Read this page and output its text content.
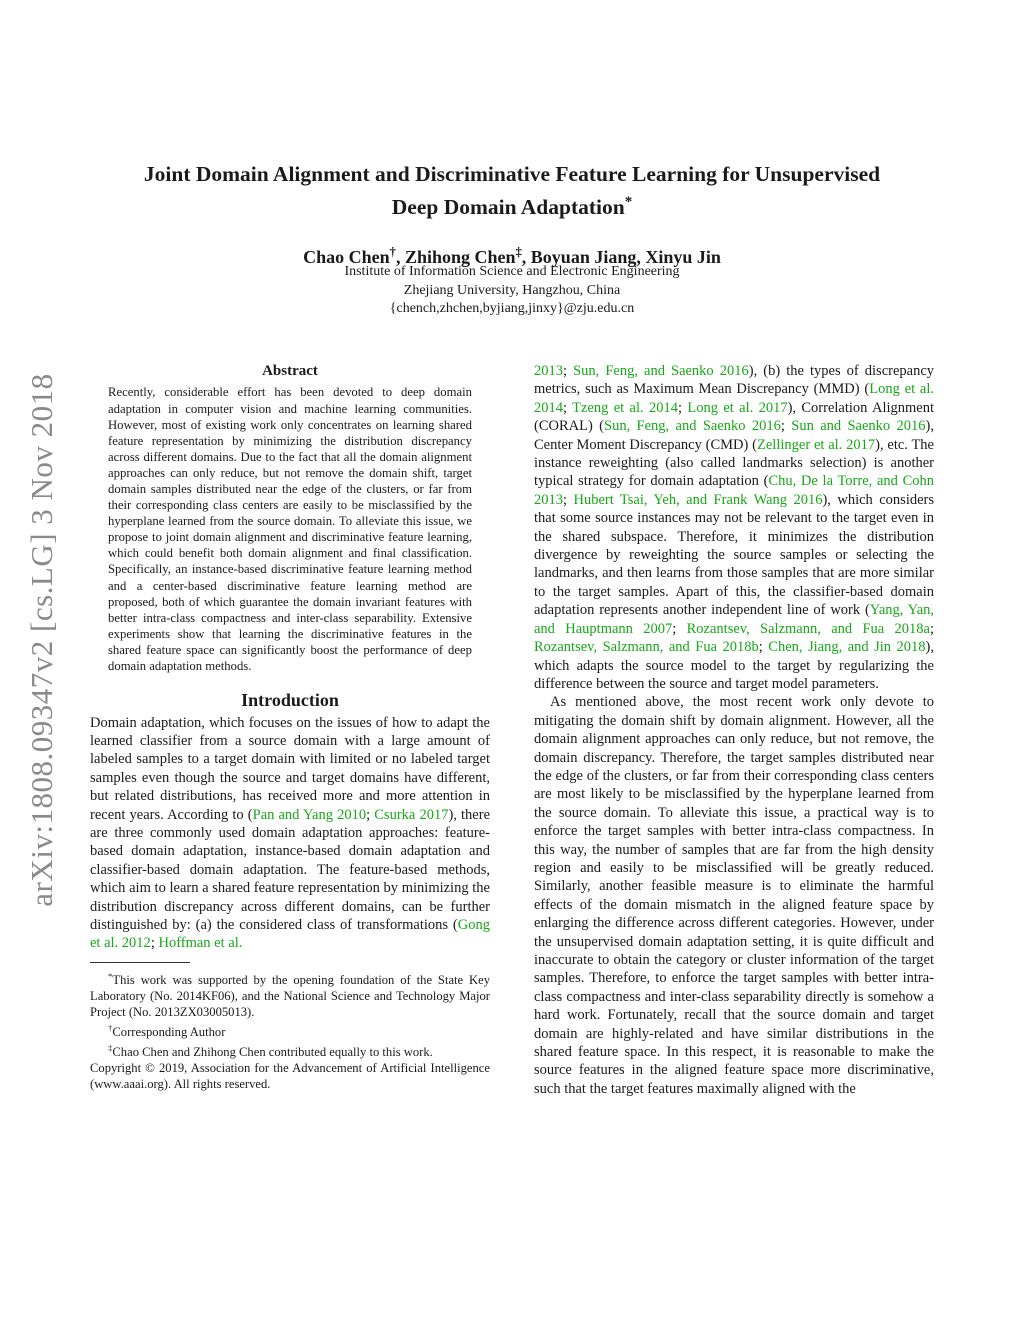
arXiv:1808.09347v2 [cs.LG] 3 Nov 2018
Joint Domain Alignment and Discriminative Feature Learning for Unsupervised
Deep Domain Adaptation*
Chao Chen†, Zhihong Chen‡, Boyuan Jiang, Xinyu Jin
Institute of Information Science and Electronic Engineering
Zhejiang University, Hangzhou, China
{chench,zhchen,byjiang,jinxy}@zju.edu.cn
Abstract

Recently, considerable effort has been devoted to deep domain adaptation in computer vision and machine learning communities. However, most of existing work only concentrates on learning shared feature representation by minimizing the distribution discrepancy across different domains. Due to the fact that all the domain alignment approaches can only reduce, but not remove the domain shift, target domain samples distributed near the edge of the clusters, or far from their corresponding class centers are easily to be misclassified by the hyperplane learned from the source domain. To alleviate this issue, we propose to joint domain alignment and discriminative feature learning, which could benefit both domain alignment and final classification. Specifically, an instance-based discriminative feature learning method and a center-based discriminative feature learning method are proposed, both of which guarantee the domain invariant features with better intra-class compactness and inter-class separability. Extensive experiments show that learning the discriminative features in the shared feature space can significantly boost the performance of deep domain adaptation methods.

Introduction

Domain adaptation, which focuses on the issues of how to adapt the learned classifier from a source domain with a large amount of labeled samples to a target domain with limited or no labeled target samples even though the source and target domains have different, but related distributions, has received more and more attention in recent years. According to (Pan and Yang 2010; Csurka 2017), there are three commonly used domain adaptation approaches: feature-based domain adaptation, instance-based domain adaptation and classifier-based domain adaptation. The feature-based methods, which aim to learn a shared feature representation by minimizing the distribution discrepancy across different domains, can be further distinguished by: (a) the considered class of transformations (Gong et al. 2012; Hoffman et al.

*This work was supported by the opening foundation of the State Key Laboratory (No. 2014KF06), and the National Science and Technology Major Project (No. 2013ZX03005013).

†Corresponding Author

‡Chao Chen and Zhihong Chen contributed equally to this work.

Copyright © 2019, Association for the Advancement of Artificial Intelligence (www.aaai.org). All rights reserved.

2013; Sun, Feng, and Saenko 2016), (b) the types of discrepancy metrics, such as Maximum Mean Discrepancy (MMD) (Long et al. 2014; Tzeng et al. 2014; Long et al. 2017), Correlation Alignment (CORAL) (Sun, Feng, and Saenko 2016; Sun and Saenko 2016), Center Moment Discrepancy (CMD) (Zellinger et al. 2017), etc. The instance reweighting (also called landmarks selection) is another typical strategy for domain adaptation (Chu, De la Torre, and Cohn 2013; Hubert Tsai, Yeh, and Frank Wang 2016), which considers that some source instances may not be relevant to the target even in the shared subspace. Therefore, it minimizes the distribution divergence by reweighting the source samples or selecting the landmarks, and then learns from those samples that are more similar to the target samples. Apart of this, the classifier-based domain adaptation represents another independent line of work (Yang, Yan, and Hauptmann 2007; Rozantsev, Salzmann, and Fua 2018a; Rozantsev, Salzmann, and Fua 2018b; Chen, Jiang, and Jin 2018), which adapts the source model to the target by regularizing the difference between the source and target model parameters.

As mentioned above, the most recent work only devote to mitigating the domain shift by domain alignment. However, all the domain alignment approaches can only reduce, but not remove, the domain discrepancy. Therefore, the target samples distributed near the edge of the clusters, or far from their corresponding class centers are most likely to be misclassified by the hyperplane learned from the source domain. To alleviate this issue, a practical way is to enforce the target samples with better intra-class compactness. In this way, the number of samples that are far from the high density region and easily to be misclassified will be greatly reduced. Similarly, another feasible measure is to eliminate the harmful effects of the domain mismatch in the aligned feature space by enlarging the difference across different categories. However, under the unsupervised domain adaptation setting, it is quite difficult and inaccurate to obtain the category or cluster information of the target samples. Therefore, to enforce the target samples with better intra-class compactness and inter-class separability directly is somehow a hard work. Fortunately, recall that the source domain and target domain are highly-related and have similar distributions in the shared feature space. In this respect, it is reasonable to make the source features in the aligned feature space more discriminative, such that the target features maximally aligned with the
